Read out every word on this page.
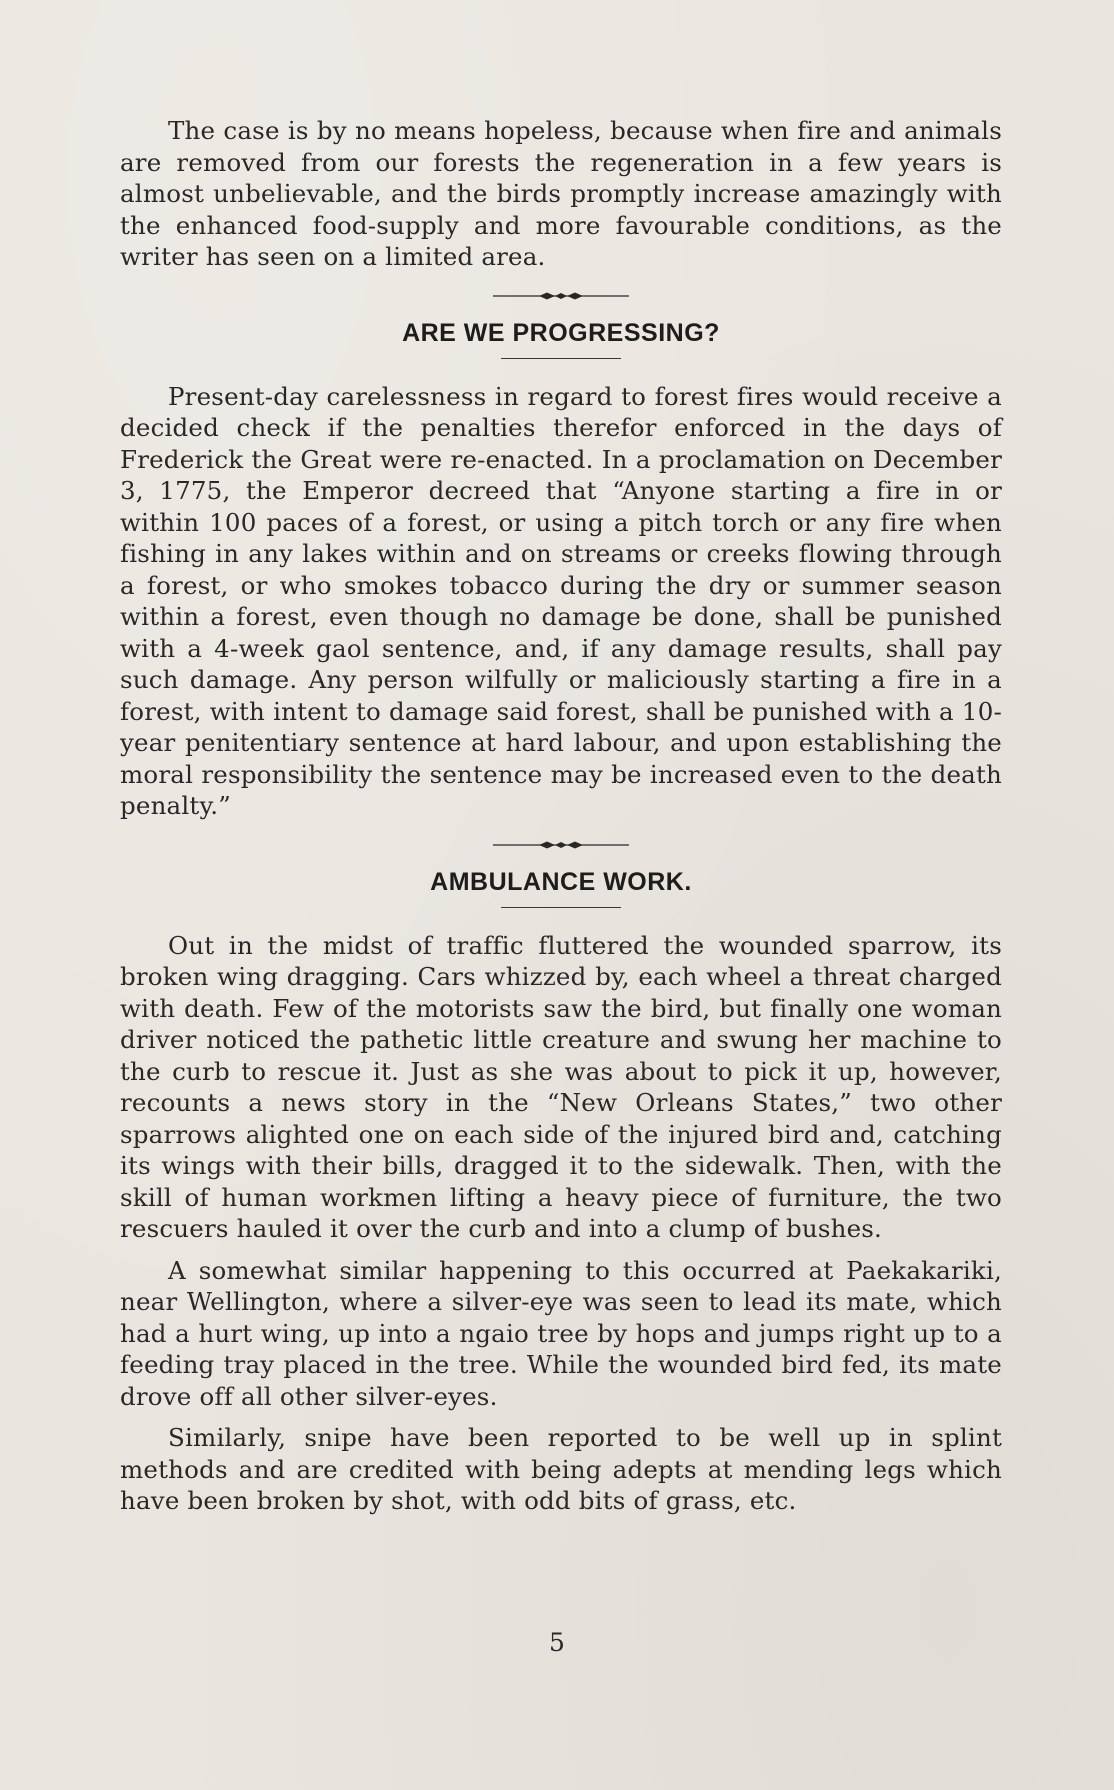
The case is by no means hopeless, because when fire and animals are removed from our forests the regeneration in a few years is almost unbelievable, and the birds promptly increase amazingly with the enhanced food-supply and more favourable conditions, as the writer has seen on a limited area.

ARE WE PROGRESSING?

Present-day carelessness in regard to forest fires would receive a decided check if the penalties therefor enforced in the days of Frederick the Great were re-enacted. In a proclamation on December 3, 1775, the Emperor decreed that “Anyone starting a fire in or within 100 paces of a forest, or using a pitch torch or any fire when fishing in any lakes within and on streams or creeks flowing through a forest, or who smokes tobacco during the dry or summer season within a forest, even though no damage be done, shall be punished with a 4-week gaol sentence, and, if any damage results, shall pay such damage. Any person wilfully or maliciously starting a fire in a forest, with intent to damage said forest, shall be punished with a 10-year penitentiary sentence at hard labour, and upon establishing the moral responsibility the sentence may be increased even to the death penalty.”

AMBULANCE WORK.

Out in the midst of traffic fluttered the wounded sparrow, its broken wing dragging. Cars whizzed by, each wheel a threat charged with death. Few of the motorists saw the bird, but finally one woman driver noticed the pathetic little creature and swung her machine to the curb to rescue it. Just as she was about to pick it up, however, recounts a news story in the “New Orleans States,” two other sparrows alighted one on each side of the injured bird and, catching its wings with their bills, dragged it to the sidewalk. Then, with the skill of human workmen lifting a heavy piece of furniture, the two rescuers hauled it over the curb and into a clump of bushes.

A somewhat similar happening to this occurred at Paekakariki, near Wellington, where a silver-eye was seen to lead its mate, which had a hurt wing, up into a ngaio tree by hops and jumps right up to a feeding tray placed in the tree. While the wounded bird fed, its mate drove off all other silver-eyes.

Similarly, snipe have been reported to be well up in splint methods and are credited with being adepts at mending legs which have been broken by shot, with odd bits of grass, etc.

5
